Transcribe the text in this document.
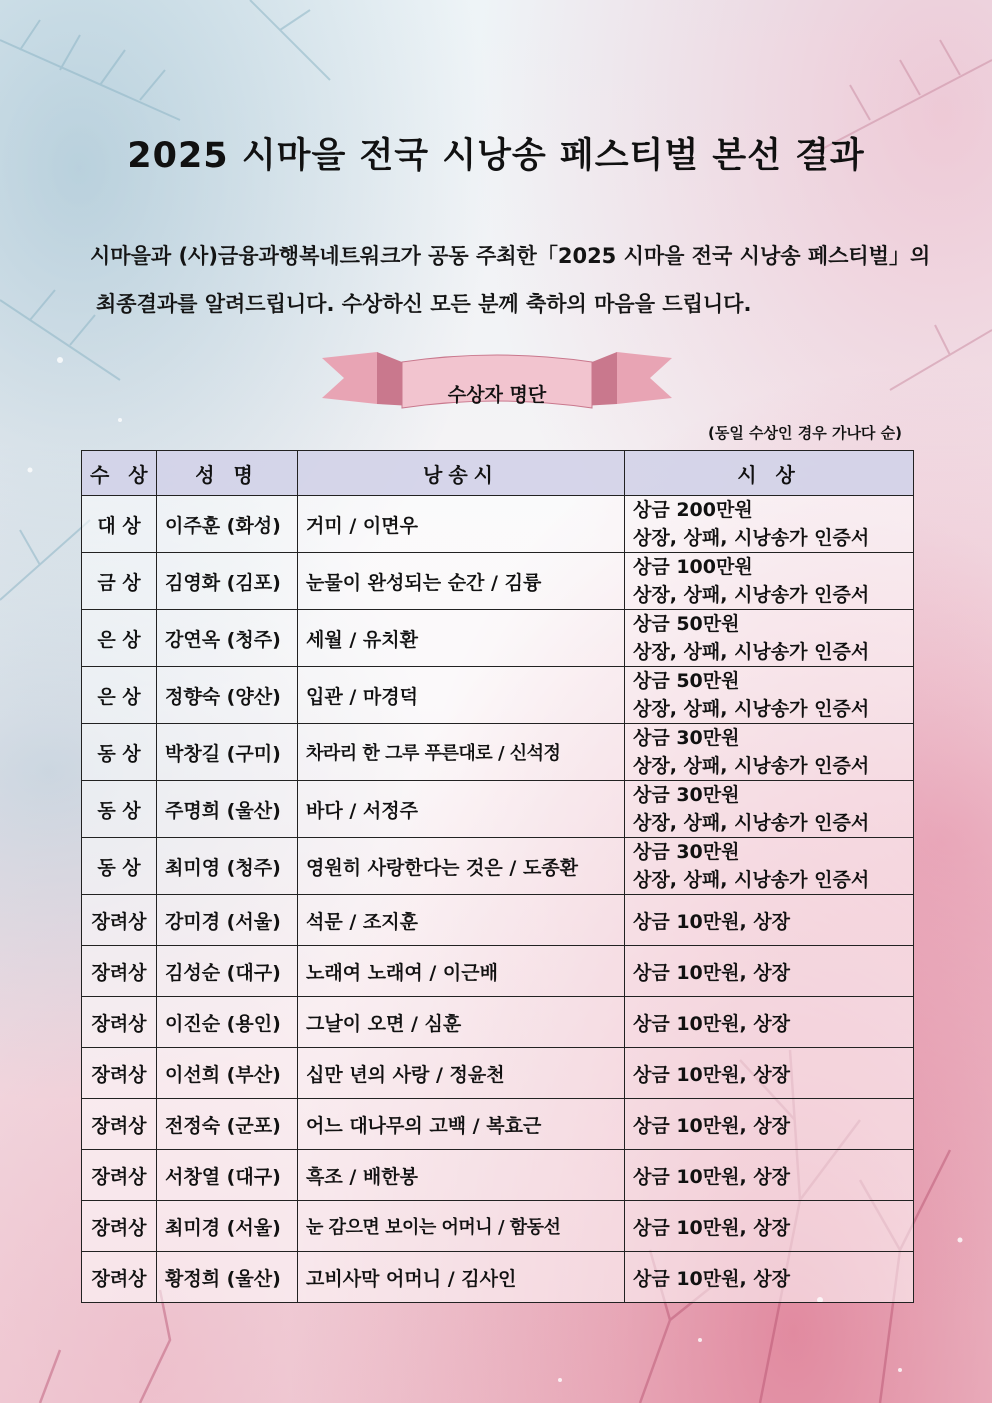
2025 시마을 전국 시낭송 페스티벌 본선 결과

시마을과 (사)금융과행복네트워크가 공동 주최한「2025 시마을 전국 시낭송 페스티벌」의

최종결과를 알려드립니다. 수상하신 모든 분께 축하의 마음을 드립니다.

수상자 명단
(동일 수상인 경우 가나다 순)
수 상	성 명	낭송시	시 상
대 상	이주훈 (화성)	거미 / 이면우	상금 200만원
상장, 상패, 시낭송가 인증서

금 상	김영화 (김포)	눈물이 완성되는 순간 / 김륭	상금 100만원
상장, 상패, 시낭송가 인증서

은 상	강연옥 (청주)	세월 / 유치환	상금 50만원
상장, 상패, 시낭송가 인증서

은 상	정향숙 (양산)	입관 / 마경덕	상금 50만원
상장, 상패, 시낭송가 인증서

동 상	박창길 (구미)	차라리 한 그루 푸른대로 / 신석정	상금 30만원
상장, 상패, 시낭송가 인증서

동 상	주명희 (울산)	바다 / 서정주	상금 30만원
상장, 상패, 시낭송가 인증서

동 상	최미영 (청주)	영원히 사랑한다는 것은 / 도종환	상금 30만원
상장, 상패, 시낭송가 인증서

장려상	강미경 (서울)	석문 / 조지훈	상금 10만원, 상장
장려상	김성순 (대구)	노래여 노래여 / 이근배	상금 10만원, 상장
장려상	이진순 (용인)	그날이 오면 / 심훈	상금 10만원, 상장
장려상	이선희 (부산)	십만 년의 사랑 / 정윤천	상금 10만원, 상장
장려상	전정숙 (군포)	어느 대나무의 고백 / 복효근	상금 10만원, 상장
장려상	서창열 (대구)	흑조 / 배한봉	상금 10만원, 상장
장려상	최미경 (서울)	눈 감으면 보이는 어머니 / 함동선	상금 10만원, 상장
장려상	황정희 (울산)	고비사막 어머니 / 김사인	상금 10만원, 상장
